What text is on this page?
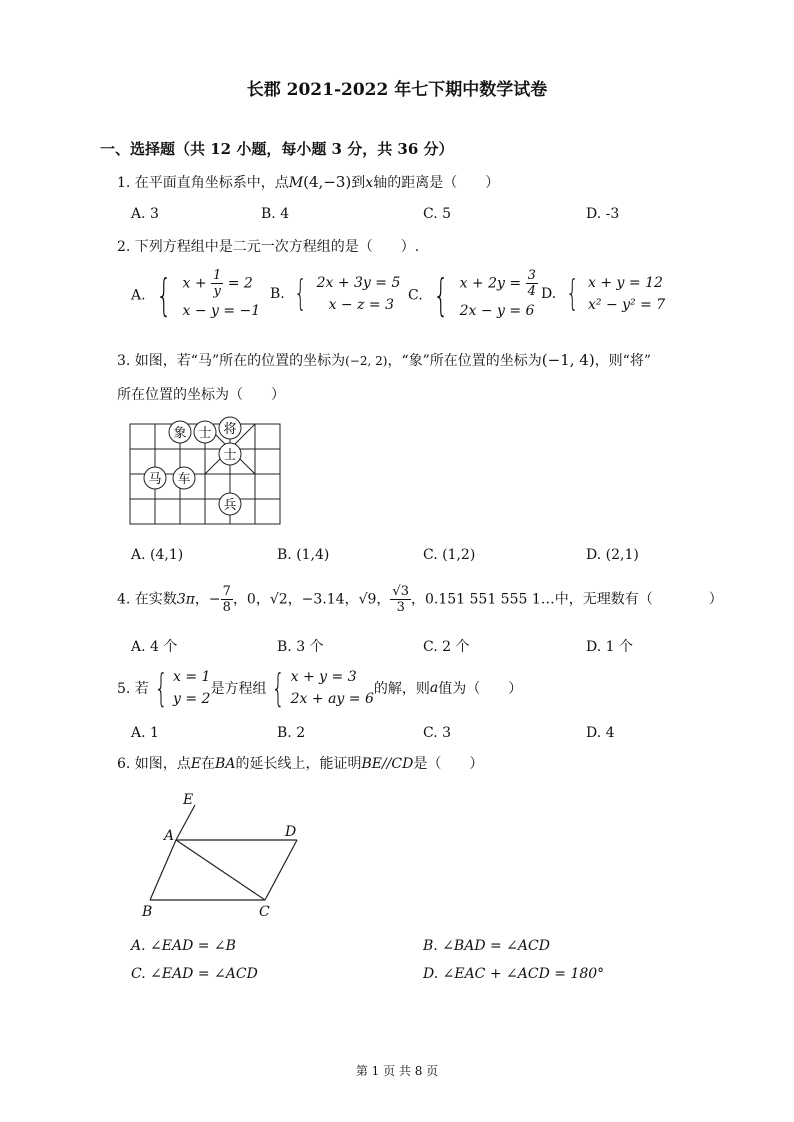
长郡 2021-2022 年七下期中数学试卷
一、选择题（共 12 小题，每小题 3 分，共 36 分）
1. 在平面直角坐标系中，点M(4,−3)到x轴的距离是（　　）
A. 3	B. 4	C. 5	D. -3
2. 下列方程组中是二元一次方程组的是（　　）.
A. { $x + \frac{1}{y} = 2$
x − y = −1
B. { 2x + 3y = 5
x − z = 3
C. { $x + 2y = \frac{3}{4}$
2x − y = 6
D. { x + y = 12
x² − y² = 7
3. 如图，若“马”所在的位置的坐标为(−2, 2)，“象”所在位置的坐标为(−1, 4)，则“将”
所在位置的坐标为（　　）
象 士 将
士
马 车
兵
A. (4,1)	B. (1,4)	C. (1,2)	D. (2,1)
4. 在实数3π，− $\frac{7}{8}$ ，0，√2，−3.14，√9， $\frac{√3}{3}$ ，0.151 551 555 1…中，无理数有（　　　　）
A. 4 个	B. 3 个	C. 2 个	D. 1 个
5. 若 { x = 1
y = 2
是方程组 { x + y = 3
2x + ay = 6
的解，则a值为（　　）
A. 1	B. 2	C. 3	D. 4
6. 如图，点E在BA的延长线上，能证明BE//CD是（　　）
E
A	D
B	C
A. ∠EAD = ∠B	B. ∠BAD = ∠ACD
C. ∠EAD = ∠ACD	D. ∠EAC + ∠ACD = 180°
第 1 页 共 8 页
